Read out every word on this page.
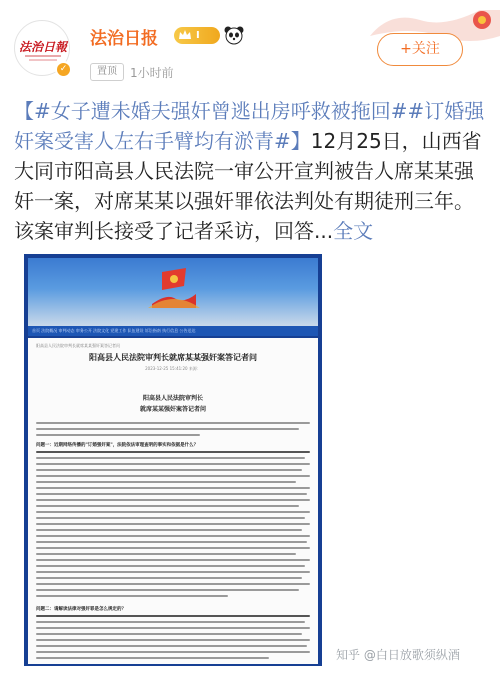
法治日報
✓
法治日报	I
置顶	1小时前
+关注
【#女子遭未婚夫强奸曾逃出房呼救被拖回##订婚强奸案受害人左右手臂均有淤青#】12月25日，山西省大同市阳高县人民法院一审公开宣判被告人席某某强奸一案，对席某某以强奸罪依法判处有期徒刑三年。该案审判长接受了记者采访，回答...全文
首页 法院概况 审判动态 审务公开 法院文化 党建工作 队伍建设 诉讼指南 执行信息 公告送达
阳高县人民法院审判长就席某某强奸案答记者问
阳高县人民法院审判长就席某某强奸案答记者问
2023-12-25 15:41:20 来源：
阳高县人民法院审判长
就席某某强奸案答记者问
问题一：近期网络传播的"订婚强奸案"，法院依法审理查明的事实和依据是什么？
问题二：请解读法律对强奸罪是怎么规定的？
知乎 @白日放歌须纵酒
